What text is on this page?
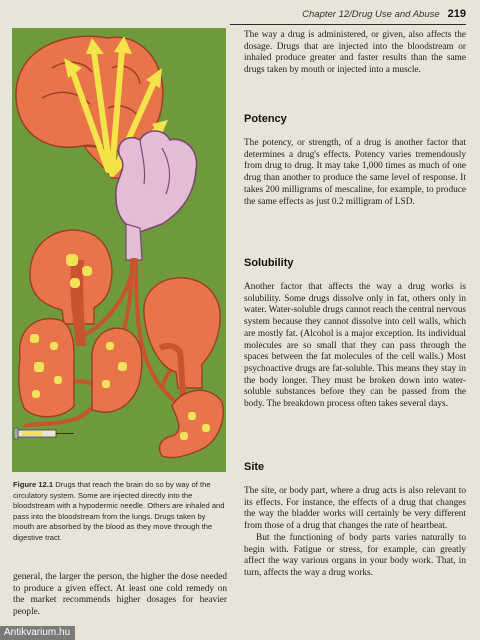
Chapter 12/Drug Use and Abuse 219
Figure 12.1 Drugs that reach the brain do so by way of the circulatory system. Some are injected directly into the bloodstream with a hypodermic needle. Others are inhaled and pass into the bloodstream from the lungs. Drugs taken by mouth are absorbed by the blood as they move through the digestive tract.
general, the larger the person, the higher the dose needed to produce a given effect. At least one cold remedy on the market recommends higher dosages for heavier people.

The way a drug is administered, or given, also affects the dosage. Drugs that are injected into the bloodstream or inhaled produce greater and faster results than the same drugs taken by mouth or injected into a muscle.

Potency

The potency, or strength, of a drug is another factor that determines a drug's effects. Potency varies tremendously from drug to drug. It may take 1,000 times as much of one drug than another to produce the same level of response. It takes 200 milligrams of mescaline, for example, to produce the same effects as just 0.2 milligram of LSD.

Solubility

Another factor that affects the way a drug works is solubility. Some drugs dissolve only in fat, others only in water. Water-soluble drugs cannot reach the central nervous system because they cannot dissolve into cell walls, which are mostly fat. (Alcohol is a major exception. Its individual molecules are so small that they can pass through the spaces between the fat molecules of the cell walls.) Most psychoactive drugs are fat-soluble. This means they stay in the body longer. They must be broken down into water-soluble substances before they can be passed from the body. The breakdown process often takes several days.

Site

The site, or body part, where a drug acts is also relevant to its effects. For instance, the effects of a drug that changes the way the bladder works will certainly be very different from those of a drug that changes the rate of heartbeat.

But the functioning of body parts varies naturally to begin with. Fatigue or stress, for example, can greatly affect the way various organs in your body work. That, in turn, affects the way a drug works.

Antikvarium.hu
